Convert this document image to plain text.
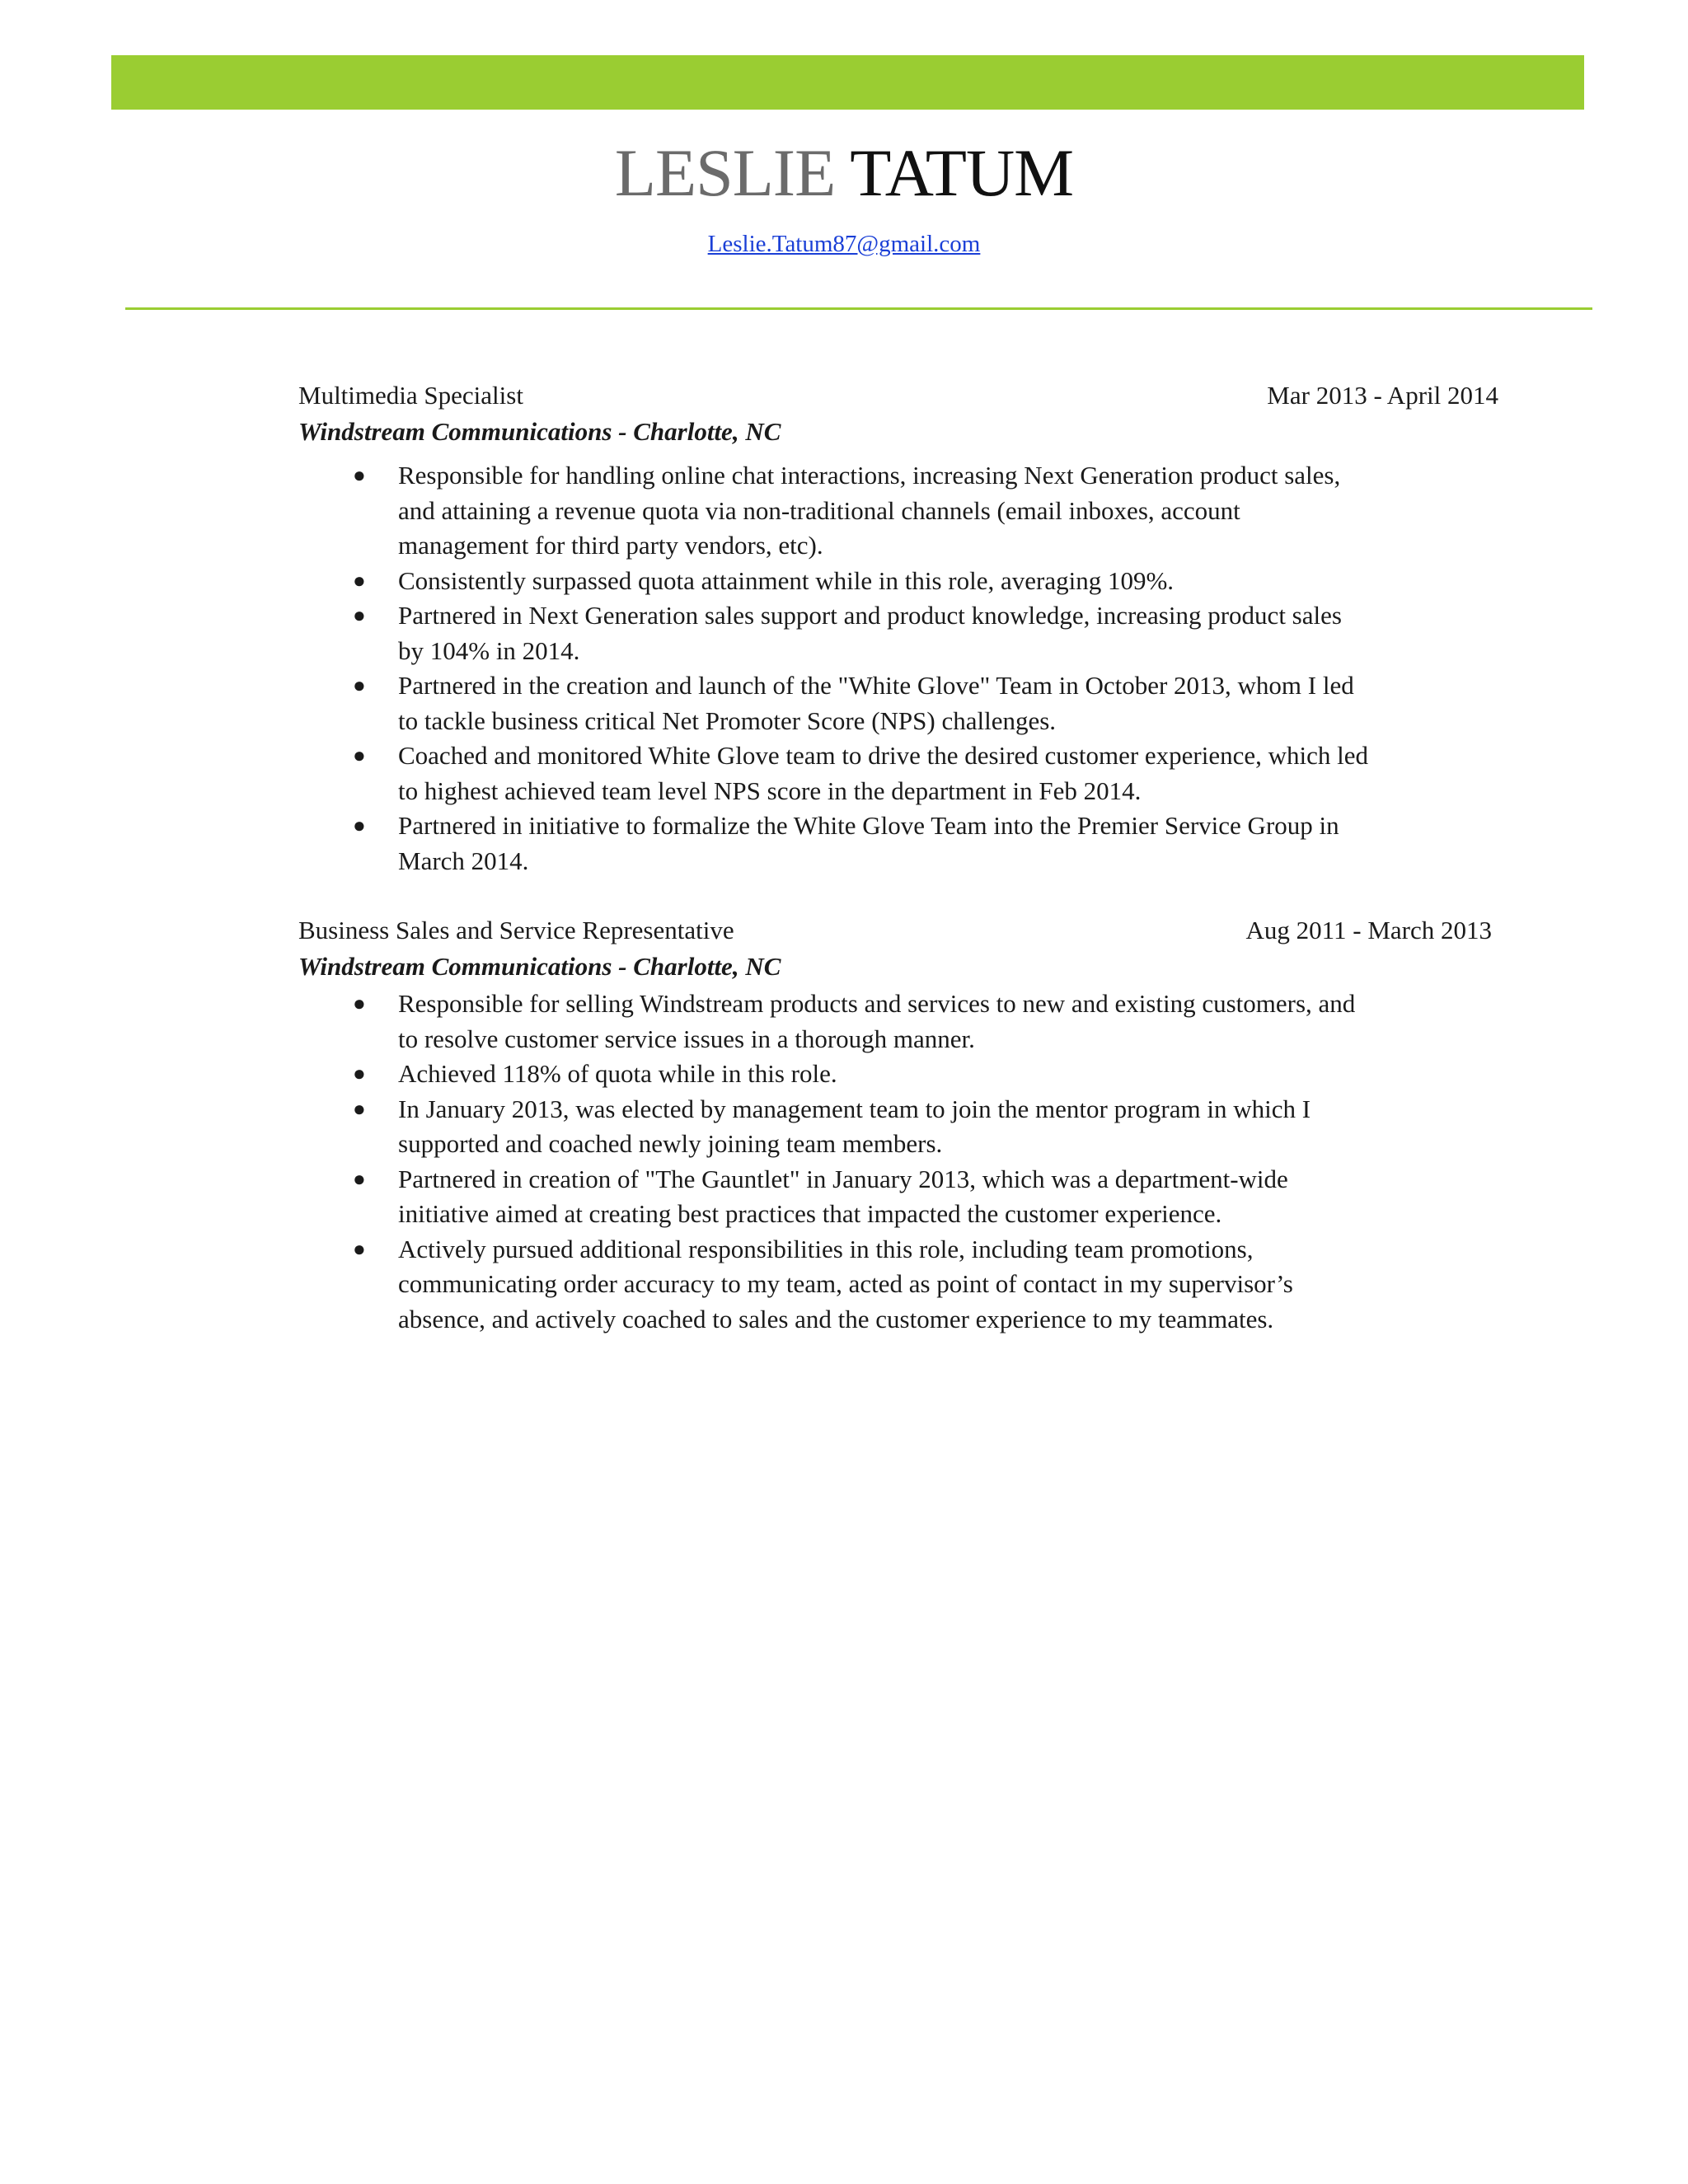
LESLIE TATUM
Leslie.Tatum87@gmail.com
Multimedia Specialist	Mar 2013 - April 2014
Windstream Communications - Charlotte, NC
● Responsible for handling online chat interactions, increasing Next Generation product sales, and attaining a revenue quota via non-traditional channels (email inboxes, account management for third party vendors, etc).
● Consistently surpassed quota attainment while in this role, averaging 109%.
● Partnered in Next Generation sales support and product knowledge, increasing product sales by 104% in 2014.
● Partnered in the creation and launch of the "White Glove" Team in October 2013, whom I led to tackle business critical Net Promoter Score (NPS) challenges.
● Coached and monitored White Glove team to drive the desired customer experience, which led to highest achieved team level NPS score in the department in Feb 2014.
● Partnered in initiative to formalize the White Glove Team into the Premier Service Group in March 2014.
Business Sales and Service Representative	Aug 2011 - March 2013
Windstream Communications - Charlotte, NC
● Responsible for selling Windstream products and services to new and existing customers, and to resolve customer service issues in a thorough manner.
● Achieved 118% of quota while in this role.
● In January 2013, was elected by management team to join the mentor program in which I supported and coached newly joining team members.
● Partnered in creation of "The Gauntlet" in January 2013, which was a department-wide initiative aimed at creating best practices that impacted the customer experience.
● Actively pursued additional responsibilities in this role, including team promotions, communicating order accuracy to my team, acted as point of contact in my supervisor’s absence, and actively coached to sales and the customer experience to my teammates.
